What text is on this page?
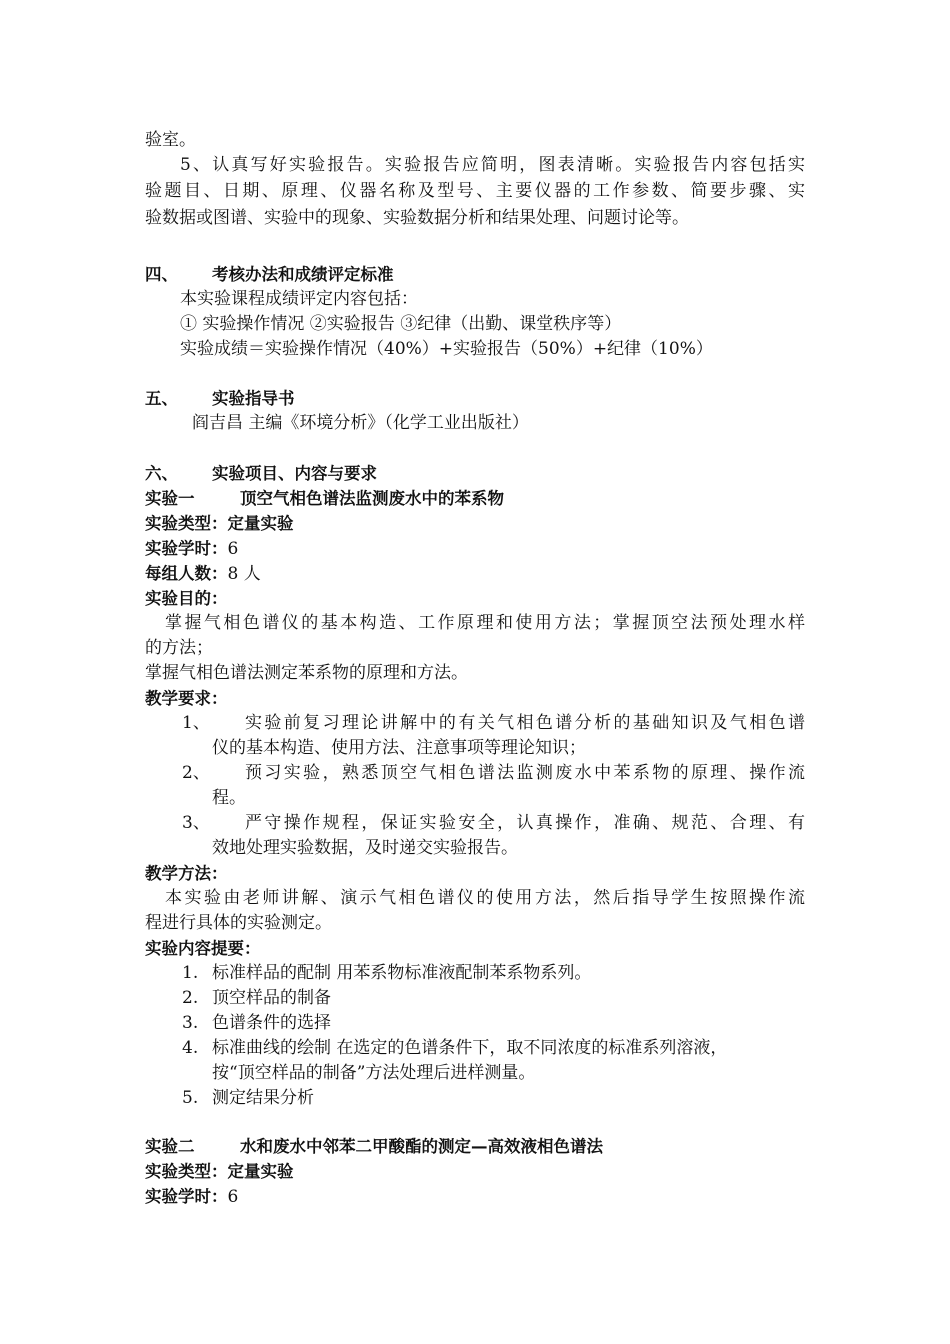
验室。
5、认真写好实验报告。实验报告应简明，图表清晰。实验报告内容包括实
验题目、日期、原理、仪器名称及型号、主要仪器的工作参数、简要步骤、实
验数据或图谱、实验中的现象、实验数据分析和结果处理、问题讨论等。
四、 考核办法和成绩评定标准
本实验课程成绩评定内容包括：
① 实验操作情况 ②实验报告 ③纪律（出勤、课堂秩序等）
实验成绩＝实验操作情况（40%）+实验报告（50%）+纪律（10%）
五、 实验指导书
阎吉昌 主编《环境分析》（化学工业出版社）
六、 实验项目、内容与要求
实验一	顶空气相色谱法监测废水中的苯系物
实验类型：定量实验
实验学时：6
每组人数：8 人
实验目的：
掌握气相色谱仪的基本构造、工作原理和使用方法；掌握顶空法预处理水样
的方法；
掌握气相色谱法测定苯系物的原理和方法。
教学要求：
1、 实验前复习理论讲解中的有关气相色谱分析的基础知识及气相色谱
仪的基本构造、使用方法、注意事项等理论知识；
2、 预习实验，熟悉顶空气相色谱法监测废水中苯系物的原理、操作流
程。
3、 严守操作规程，保证实验安全，认真操作，准确、规范、合理、有
效地处理实验数据，及时递交实验报告。
教学方法：
本实验由老师讲解、演示气相色谱仪的使用方法，然后指导学生按照操作流
程进行具体的实验测定。
实验内容提要：
1. 标准样品的配制 用苯系物标准液配制苯系物系列。
2. 顶空样品的制备
3. 色谱条件的选择
4. 标准曲线的绘制 在选定的色谱条件下，取不同浓度的标准系列溶液，
按“顶空样品的制备”方法处理后进样测量。
5. 测定结果分析
实验二	水和废水中邻苯二甲酸酯的测定—高效液相色谱法
实验类型：定量实验
实验学时：6
